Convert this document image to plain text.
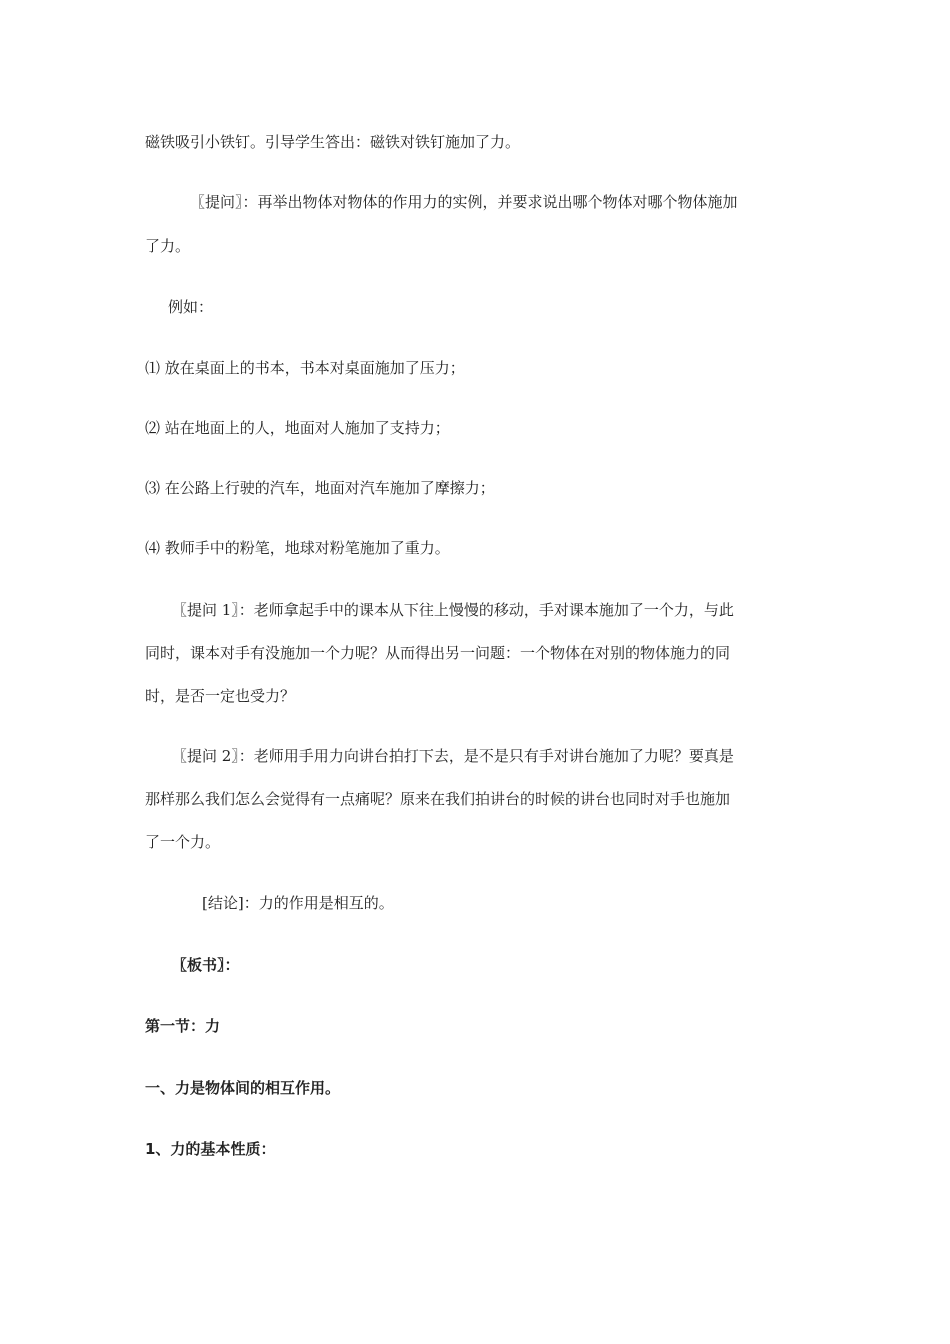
磁铁吸引小铁钉。引导学生答出：磁铁对铁钉施加了力。
〖提问〗：再举出物体对物体的作用力的实例，并要求说出哪个物体对哪个物体施加
了力。
例如：
⑴ 放在桌面上的书本，书本对桌面施加了压力；
⑵ 站在地面上的人，地面对人施加了支持力；
⑶ 在公路上行驶的汽车，地面对汽车施加了摩擦力；
⑷ 教师手中的粉笔，地球对粉笔施加了重力。
〖提问 1〗：老师拿起手中的课本从下往上慢慢的移动，手对课本施加了一个力，与此
同时，课本对手有没施加一个力呢？从而得出另一问题：一个物体在对别的物体施力的同
时，是否一定也受力？
〖提问 2〗：老师用手用力向讲台拍打下去，是不是只有手对讲台施加了力呢？要真是
那样那么我们怎么会觉得有一点痛呢？原来在我们拍讲台的时候的讲台也同时对手也施加
了一个力。
[结论]：力的作用是相互的。
〖板书〗：
第一节：力
一、力是物体间的相互作用。
1、力的基本性质：
